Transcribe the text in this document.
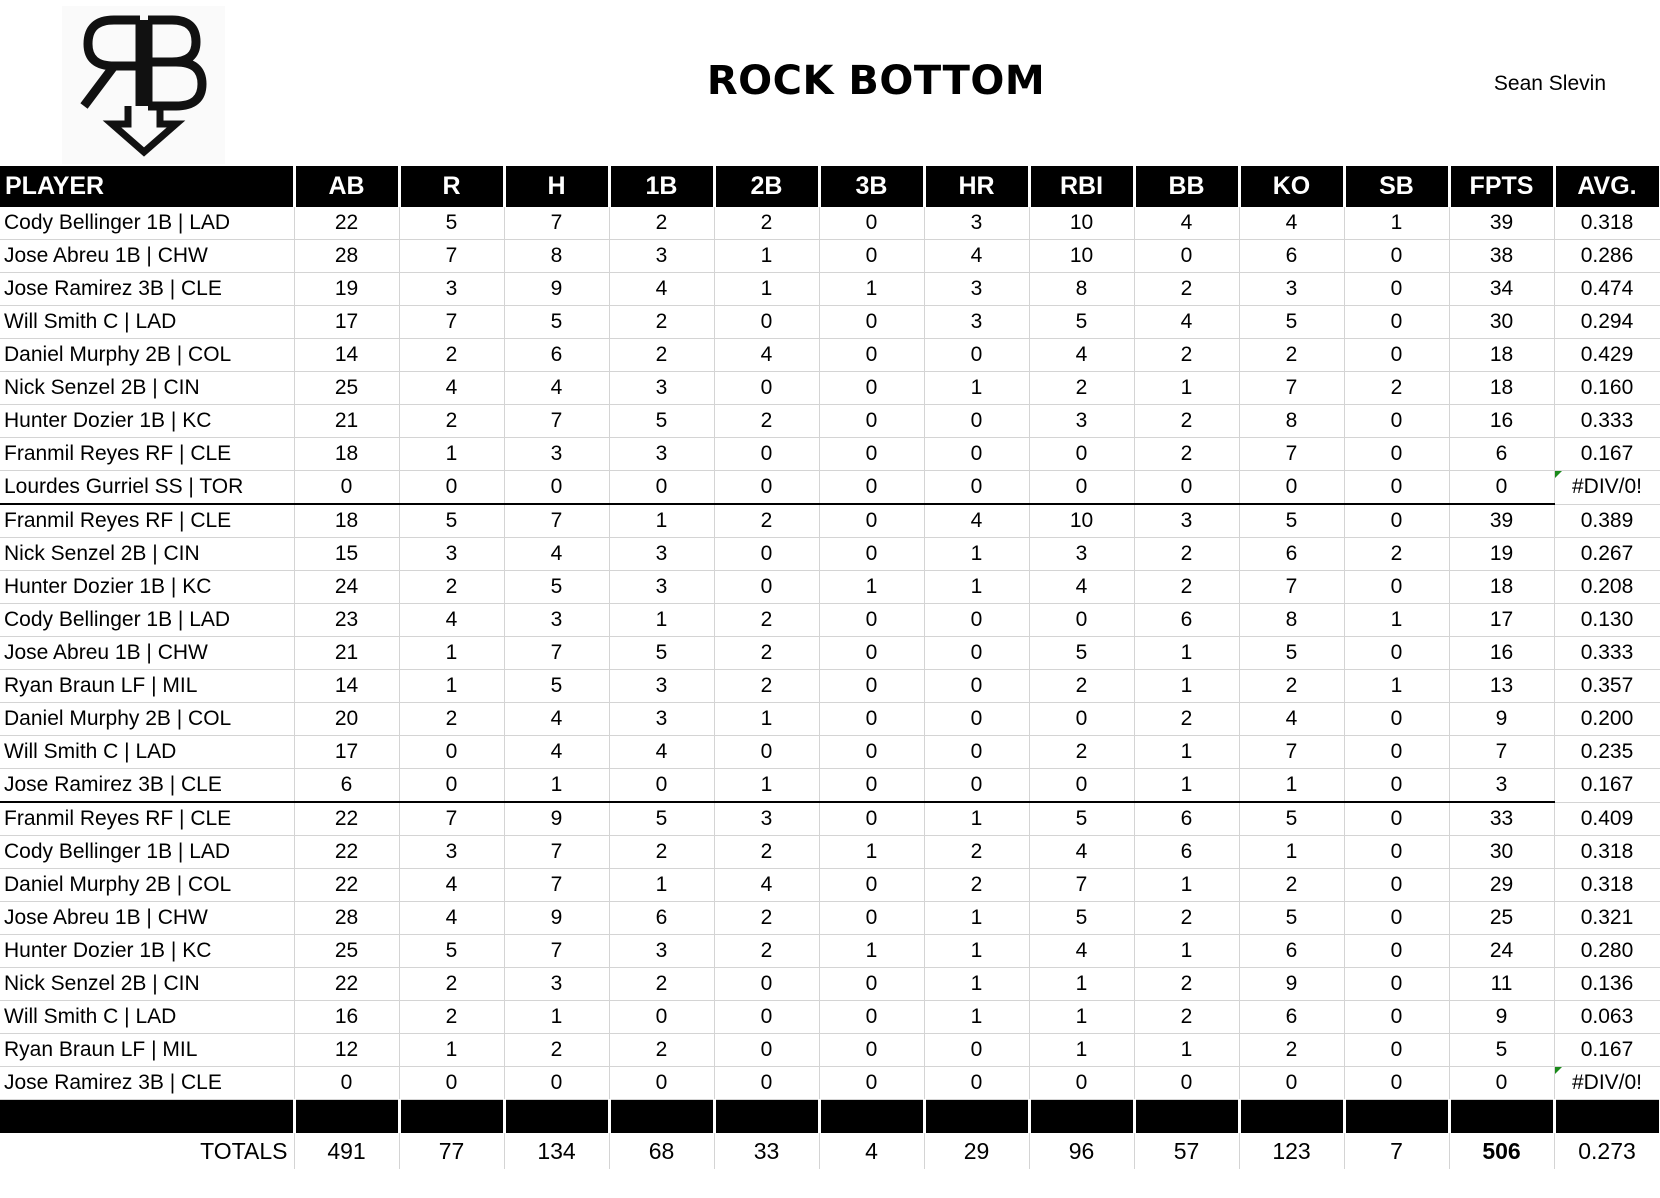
ROCK BOTTOM	Sean Slevin
PLAYER	AB	R	H	1B	2B	3B	HR	RBI	BB	KO	SB	FPTS	AVG.
Cody Bellinger 1B | LAD	22	5	7	2	2	0	3	10	4	4	1	39	0.318
Jose Abreu 1B | CHW	28	7	8	3	1	0	4	10	0	6	0	38	0.286
Jose Ramirez 3B | CLE	19	3	9	4	1	1	3	8	2	3	0	34	0.474
Will Smith C | LAD	17	7	5	2	0	0	3	5	4	5	0	30	0.294
Daniel Murphy 2B | COL	14	2	6	2	4	0	0	4	2	2	0	18	0.429
Nick Senzel 2B | CIN	25	4	4	3	0	0	1	2	1	7	2	18	0.160
Hunter Dozier 1B | KC	21	2	7	5	2	0	0	3	2	8	0	16	0.333
Franmil Reyes RF | CLE	18	1	3	3	0	0	0	0	2	7	0	6	0.167
Lourdes Gurriel SS | TOR	0	0	0	0	0	0	0	0	0	0	0	0	#DIV/0!
Franmil Reyes RF | CLE	18	5	7	1	2	0	4	10	3	5	0	39	0.389
Nick Senzel 2B | CIN	15	3	4	3	0	0	1	3	2	6	2	19	0.267
Hunter Dozier 1B | KC	24	2	5	3	0	1	1	4	2	7	0	18	0.208
Cody Bellinger 1B | LAD	23	4	3	1	2	0	0	0	6	8	1	17	0.130
Jose Abreu 1B | CHW	21	1	7	5	2	0	0	5	1	5	0	16	0.333
Ryan Braun LF | MIL	14	1	5	3	2	0	0	2	1	2	1	13	0.357
Daniel Murphy 2B | COL	20	2	4	3	1	0	0	0	2	4	0	9	0.200
Will Smith C | LAD	17	0	4	4	0	0	0	2	1	7	0	7	0.235
Jose Ramirez 3B | CLE	6	0	1	0	1	0	0	0	1	1	0	3	0.167
Franmil Reyes RF | CLE	22	7	9	5	3	0	1	5	6	5	0	33	0.409
Cody Bellinger 1B | LAD	22	3	7	2	2	1	2	4	6	1	0	30	0.318
Daniel Murphy 2B | COL	22	4	7	1	4	0	2	7	1	2	0	29	0.318
Jose Abreu 1B | CHW	28	4	9	6	2	0	1	5	2	5	0	25	0.321
Hunter Dozier 1B | KC	25	5	7	3	2	1	1	4	1	6	0	24	0.280
Nick Senzel 2B | CIN	22	2	3	2	0	0	1	1	2	9	0	11	0.136
Will Smith C | LAD	16	2	1	0	0	0	1	1	2	6	0	9	0.063
Ryan Braun LF | MIL	12	1	2	2	0	0	0	1	1	2	0	5	0.167
Jose Ramirez 3B | CLE	0	0	0	0	0	0	0	0	0	0	0	0	#DIV/0!

TOTALS	491	77	134	68	33	4	29	96	57	123	7	506	0.273
